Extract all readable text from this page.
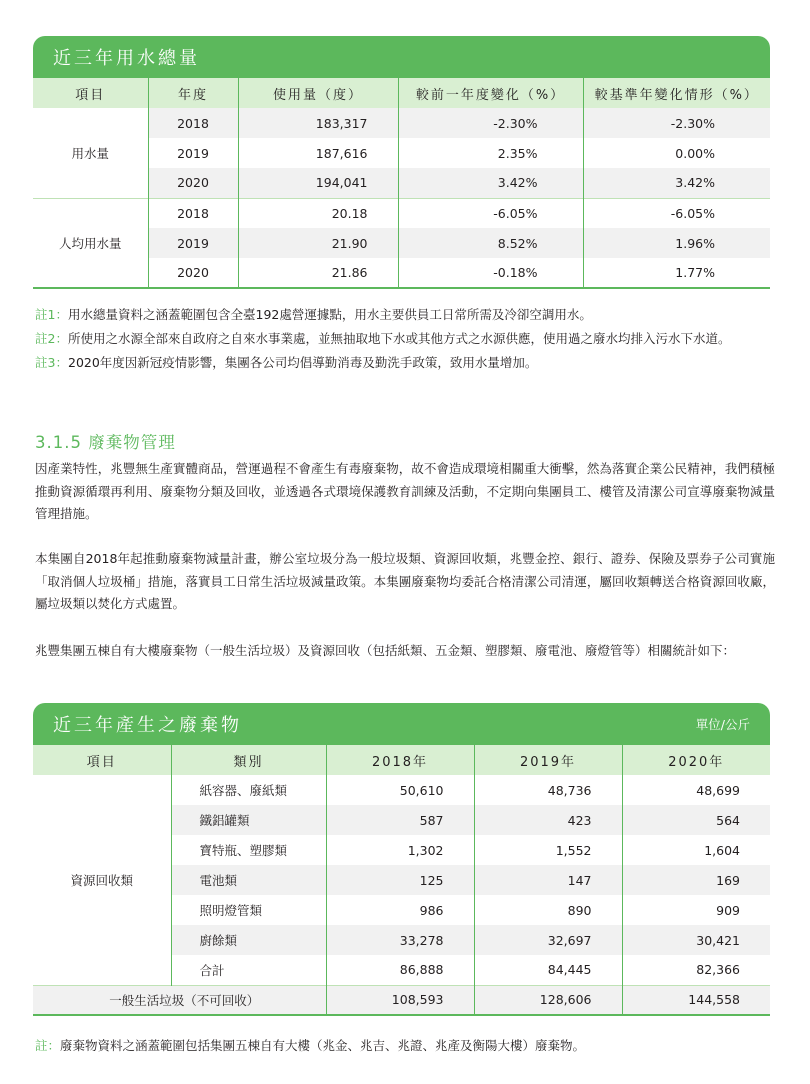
近三年用水總量
項目	年度	使用量（度）	較前一年度變化（%）	較基準年變化情形（%）
用水量	2018	183,317	-2.30%	-2.30%
	2019	187,616	2.35%	0.00%
	2020	194,041	3.42%	3.42%
人均用水量	2018	20.18	-6.05%	-6.05%
	2019	21.90	8.52%	1.96%
	2020	21.86	-0.18%	1.77%
註1： 用水總量資料之涵蓋範圍包含全臺192處營運據點，用水主要供員工日常所需及冷卻空調用水。
註2： 所使用之水源全部來自政府之自來水事業處，並無抽取地下水或其他方式之水源供應，使用過之廢水均排入污水下水道。
註3： 2020年度因新冠疫情影響，集團各公司均倡導勤消毒及勤洗手政策，致用水量增加。
3.1.5 廢棄物管理

因產業特性，兆豐無生產實體商品，營運過程不會產生有毒廢棄物，故不會造成環境相關重大衝擊，然為落實企業公民精神，我們積極推動資源循環再利用、廢棄物分類及回收，並透過各式環境保護教育訓練及活動，不定期向集團員工、樓管及清潔公司宣導廢棄物減量管理措施。

本集團自2018年起推動廢棄物減量計畫，辦公室垃圾分為一般垃圾類、資源回收類，兆豐金控、銀行、證券、保險及票券子公司實施「取消個人垃圾桶」措施，落實員工日常生活垃圾減量政策。本集團廢棄物均委託合格清潔公司清運，屬回收類轉送合格資源回收廠，屬垃圾類以焚化方式處置。

兆豐集團五棟自有大樓廢棄物（一般生活垃圾）及資源回收（包括紙類、五金類、塑膠類、廢電池、廢燈管等）相關統計如下：

近三年產生之廢棄物	單位/公斤
項目	類別	2018年	2019年	2020年
資源回收類	紙容器、廢紙類	50,610	48,736	48,699
	鐵鋁罐類	587	423	564
	寶特瓶、塑膠類	1,302	1,552	1,604
	電池類	125	147	169
	照明燈管類	986	890	909
	廚餘類	33,278	32,697	30,421
	合計	86,888	84,445	82,366
一般生活垃圾（不可回收）		108,593	128,606	144,558
註： 廢棄物資料之涵蓋範圍包括集團五棟自有大樓（兆金、兆吉、兆證、兆產及衡陽大樓）廢棄物。
